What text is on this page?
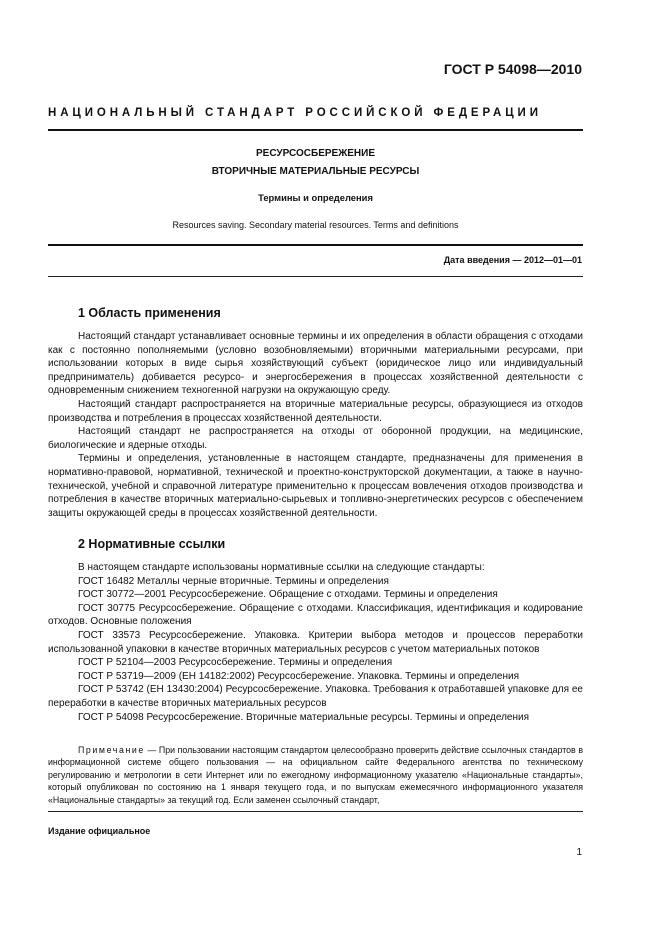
ГОСТ Р 54098—2010
НАЦИОНАЛЬНЫЙ СТАНДАРТ РОССИЙСКОЙ ФЕДЕРАЦИИ
РЕСУРСОСБЕРЕЖЕНИЕ
ВТОРИЧНЫЕ МАТЕРИАЛЬНЫЕ РЕСУРСЫ
Термины и определения
Resources saving. Secondary material resources. Terms and definitions
Дата введения — 2012—01—01
1 Область применения

Настоящий стандарт устанавливает основные термины и их определения в области обращения с отходами как с постоянно пополняемыми (условно возобновляемыми) вторичными материальными ресурсами, при использовании которых в виде сырья хозяйствующий субъект (юридическое лицо или индивидуальный предприниматель) добивается ресурсо- и энергосбережения в процессах хозяйственной деятельности с одновременным снижением техногенной нагрузки на окружающую среду.

Настоящий стандарт распространяется на вторичные материальные ресурсы, образующиеся из отходов производства и потребления в процессах хозяйственной деятельности.

Настоящий стандарт не распространяется на отходы от оборонной продукции, на медицинские, биологические и ядерные отходы.

Термины и определения, установленные в настоящем стандарте, предназначены для применения в нормативно-правовой, нормативной, технической и проектно-конструкторской документации, а также в научно-технической, учебной и справочной литературе применительно к процессам вовлечения отходов производства и потребления в качестве вторичных материально-сырьевых и топливно-энергетических ресурсов с обеспечением защиты окружающей среды в процессах хозяйственной деятельности.

2 Нормативные ссылки

В настоящем стандарте использованы нормативные ссылки на следующие стандарты:

ГОСТ 16482 Металлы черные вторичные. Термины и определения

ГОСТ 30772—2001 Ресурсосбережение. Обращение с отходами. Термины и определения

ГОСТ 30775 Ресурсосбережение. Обращение с отходами. Классификация, идентификация и кодирование отходов. Основные положения

ГОСТ 33573 Ресурсосбережение. Упаковка. Критерии выбора методов и процессов переработки использованной упаковки в качестве вторичных материальных ресурсов с учетом материальных потоков

ГОСТ Р 52104—2003 Ресурсосбережение. Термины и определения

ГОСТ Р 53719—2009 (ЕН 14182:2002) Ресурсосбережение. Упаковка. Термины и определения

ГОСТ Р 53742 (ЕН 13430:2004) Ресурсосбережение. Упаковка. Требования к отработавшей упаковке для ее переработки в качестве вторичных материальных ресурсов

ГОСТ Р 54098 Ресурсосбережение. Вторичные материальные ресурсы. Термины и определения

Примечание — При пользовании настоящим стандартом целесообразно проверить действие ссылочных стандартов в информационной системе общего пользования — на официальном сайте Федерального агентства по техническому регулированию и метрологии в сети Интернет или по ежегодному информационному указателю «Национальные стандарты», который опубликован по состоянию на 1 января текущего года, и по выпускам ежемесячного информационного указателя «Национальные стандарты» за текущий год. Если заменен ссылочный стандарт,

Издание официальное
1
